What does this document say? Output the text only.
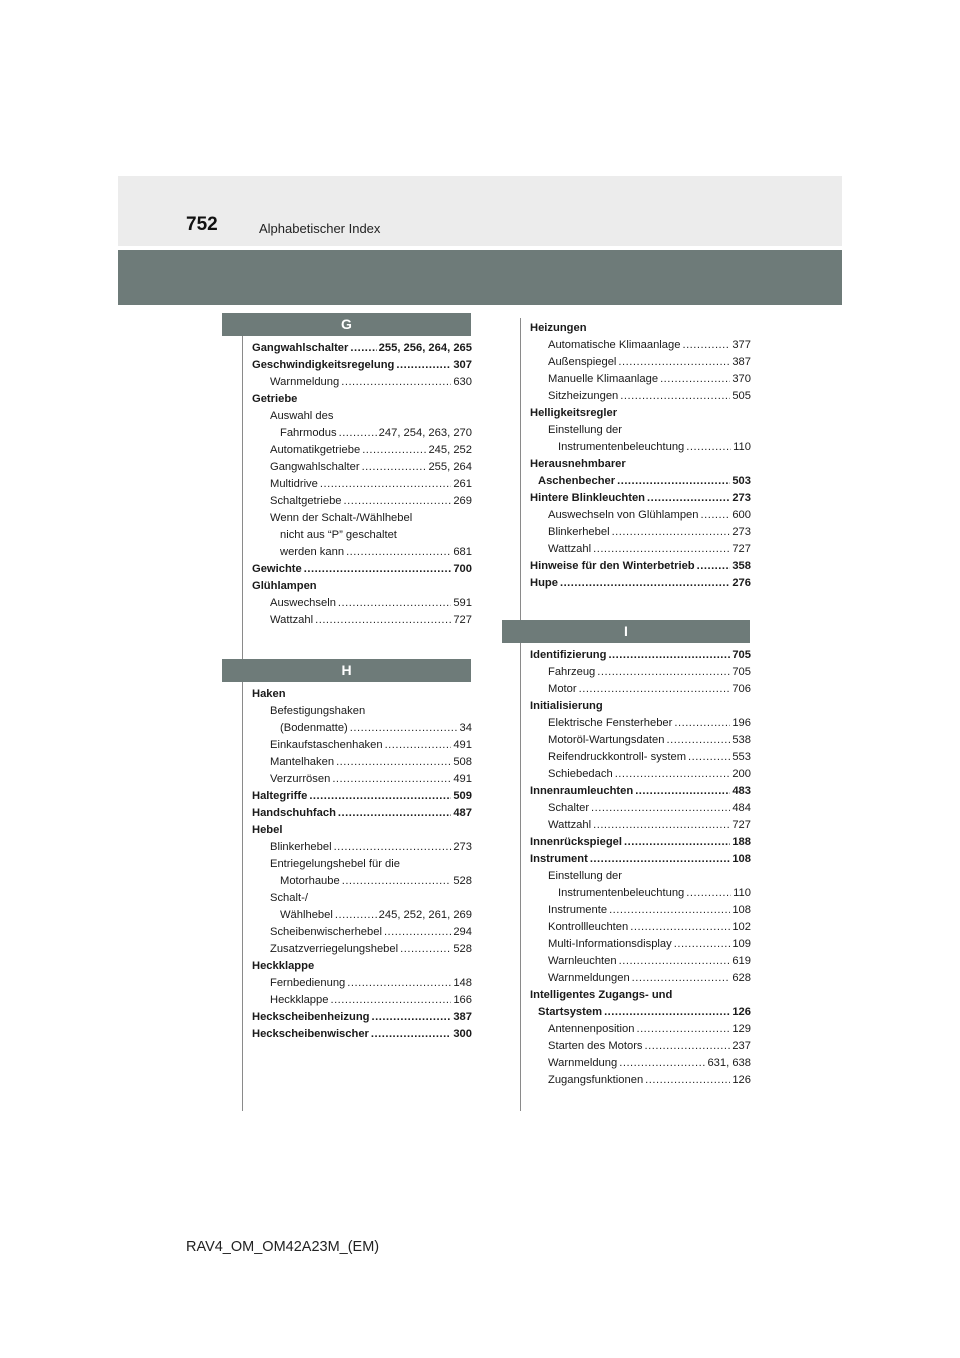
752	Alphabetischer Index
G
Gangwahlschalter .....	255, 256, 264, 265
Geschwindigkeitsregelung .....	307
Warnmeldung .....	630
Getriebe
Auswahl des
Fahrmodus .....	247, 254, 263, 270
Automatikgetriebe .....	245, 252
Gangwahlschalter .....	255, 264
Multidrive .....	261
Schaltgetriebe .....	269
Wenn der Schalt-/Wählhebel
nicht aus “P” geschaltet
werden kann .....	681
Gewichte .....	700
Glühlampen
Auswechseln .....	591
Wattzahl .....	727
H
Haken
Befestigungshaken
(Bodenmatte) .....	34
Einkaufstaschenhaken .....	491
Mantelhaken .....	508
Verzurrösen .....	491
Haltegriffe .....	509
Handschuhfach .....	487
Hebel
Blinkerhebel .....	273
Entriegelungshebel für die
Motorhaube .....	528
Schalt-/
Wählhebel .....	245, 252, 261, 269
Scheibenwischerhebel .....	294
Zusatzverriegelungshebel .....	528
Heckklappe
Fernbedienung .....	148
Heckklappe .....	166
Heckscheibenheizung .....	387
Heckscheibenwischer .....	300
Heizungen
Automatische Klimaanlage .....	377
Außenspiegel .....	387
Manuelle Klimaanlage .....	370
Sitzheizungen .....	505
Helligkeitsregler
Einstellung der
Instrumentenbeleuchtung .....	110
Herausnehmbarer
Aschenbecher .....	503
Hintere Blinkleuchten .....	273
Auswechseln von Glühlampen .....	600
Blinkerhebel .....	273
Wattzahl .....	727
Hinweise für den Winterbetrieb .....	358
Hupe .....	276
I
Identifizierung .....	705
Fahrzeug .....	705
Motor .....	706
Initialisierung
Elektrische Fensterheber .....	196
Motoröl-Wartungsdaten .....	538
Reifendruckkontroll- system .....	553
Schiebedach .....	200
Innenraumleuchten .....	483
Schalter .....	484
Wattzahl .....	727
Innenrückspiegel .....	188
Instrument .....	108
Einstellung der
Instrumentenbeleuchtung .....	110
Instrumente .....	108
Kontrollleuchten .....	102
Multi-Informationsdisplay .....	109
Warnleuchten .....	619
Warnmeldungen .....	628
Intelligentes Zugangs- und
Startsystem .....	126
Antennenposition .....	129
Starten des Motors .....	237
Warnmeldung .....	631, 638
Zugangsfunktionen .....	126
RAV4_OM_OM42A23M_(EM)
